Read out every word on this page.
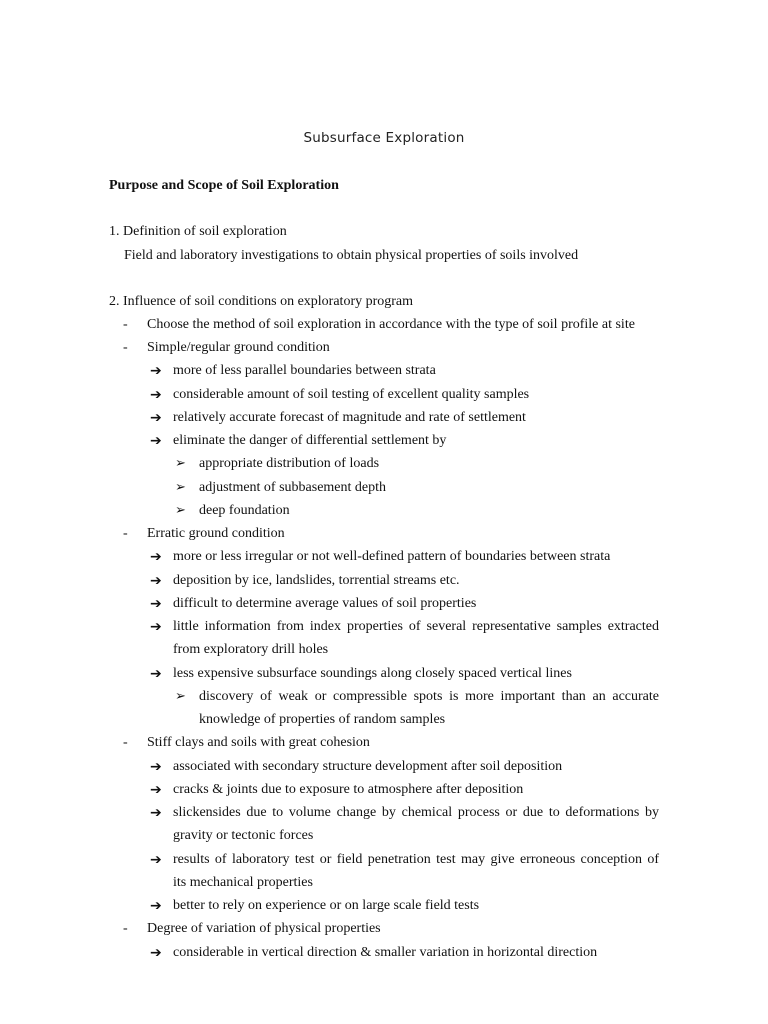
Subsurface Exploration
Purpose and Scope of Soil Exploration
1. Definition of soil exploration
Field and laboratory investigations to obtain physical properties of soils involved
2. Influence of soil conditions on exploratory program
- Choose the method of soil exploration in accordance with the type of soil profile at site
- Simple/regular ground condition
➔ more of less parallel boundaries between strata
➔ considerable amount of soil testing of excellent quality samples
➔ relatively accurate forecast of magnitude and rate of settlement
➔ eliminate the danger of differential settlement by
➢ appropriate distribution of loads
➢ adjustment of subbasement depth
➢ deep foundation
- Erratic ground condition
➔ more or less irregular or not well-defined pattern of boundaries between strata
➔ deposition by ice, landslides, torrential streams etc.
➔ difficult to determine average values of soil properties
➔ little information from index properties of several representative samples extracted
from exploratory drill holes
➔ less expensive subsurface soundings along closely spaced vertical lines
➢ discovery of weak or compressible spots is more important than an accurate
knowledge of properties of random samples
- Stiff clays and soils with great cohesion
➔ associated with secondary structure development after soil deposition
➔ cracks & joints due to exposure to atmosphere after deposition
➔ slickensides due to volume change by chemical process or due to deformations by
gravity or tectonic forces
➔ results of laboratory test or field penetration test may give erroneous conception of
its mechanical properties
➔ better to rely on experience or on large scale field tests
- Degree of variation of physical properties
➔ considerable in vertical direction & smaller variation in horizontal direction
